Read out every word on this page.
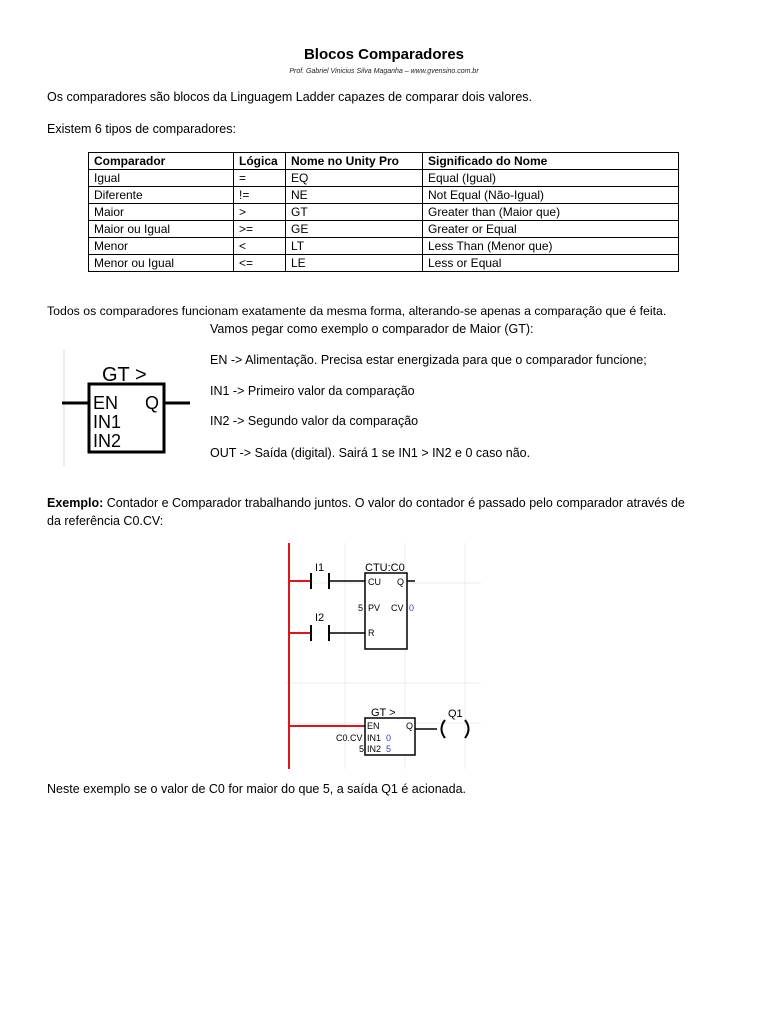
Blocos Comparadores
Prof. Gabriel Vinicius Silva Maganha – www.gvensino.com.br
Os comparadores são blocos da Linguagem Ladder capazes de comparar dois valores.
Existem 6 tipos de comparadores:
Comparador	Lógica	Nome no Unity Pro	Significado do Nome
Igual	=	EQ	Equal (Igual)
Diferente	!=	NE	Not Equal (Não-Igual)
Maior	>	GT	Greater than (Maior que)
Maior ou Igual	>=	GE	Greater or Equal
Menor	<	LT	Less Than (Menor que)
Menor ou Igual	<=	LE	Less or Equal
Todos os comparadores funcionam exatamente da mesma forma, alterando-se apenas a comparação que é feita.
Vamos pegar como exemplo o comparador de Maior (GT):
GT >
EN Q
IN1
IN2
EN -> Alimentação. Precisa estar energizada para que o comparador funcione;
IN1 -> Primeiro valor da comparação
IN2 -> Segundo valor da comparação
OUT -> Saída (digital). Sairá 1 se IN1 > IN2 e 0 caso não.
Exemplo: Contador e Comparador trabalhando juntos. O valor do contador é passado pelo comparador através de
da referência C0.CV:
I1
I2
CTU:C0
CU Q
5 PV CV 0
R
GT >
EN	Q
C0.CV IN1 0
5 IN2 5
Q1
Neste exemplo se o valor de C0 for maior do que 5, a saída Q1 é acionada.
